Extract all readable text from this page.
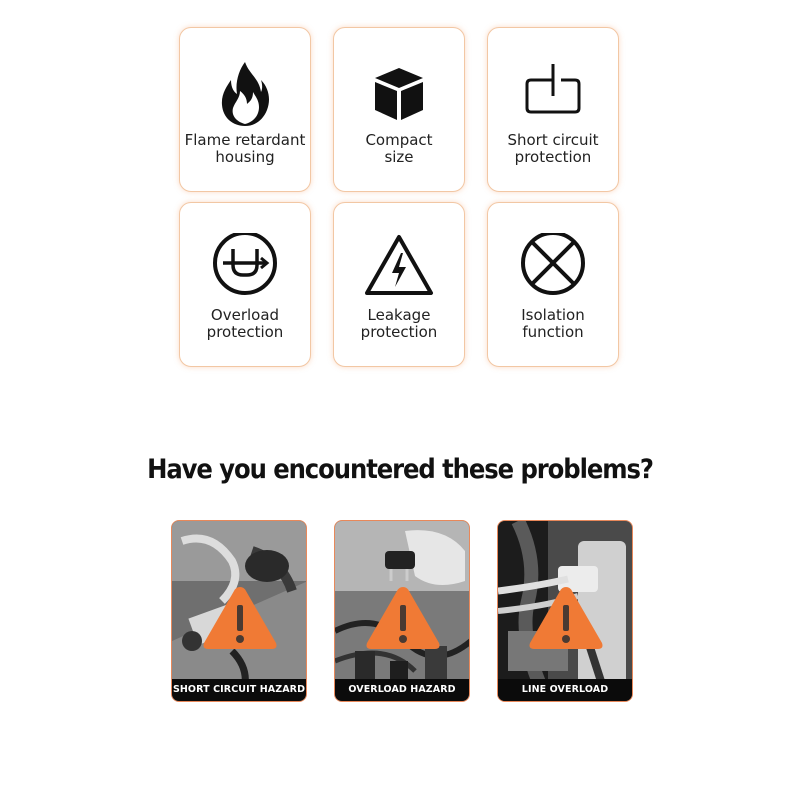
Flame retardant
housing
Compact
size
Short circuit
protection
Overload
protection
Leakage
protection
Isolation
function
Have you encountered these problems?
SHORT CIRCUIT HAZARD	OVERLOAD HAZARD	LINE OVERLOAD
